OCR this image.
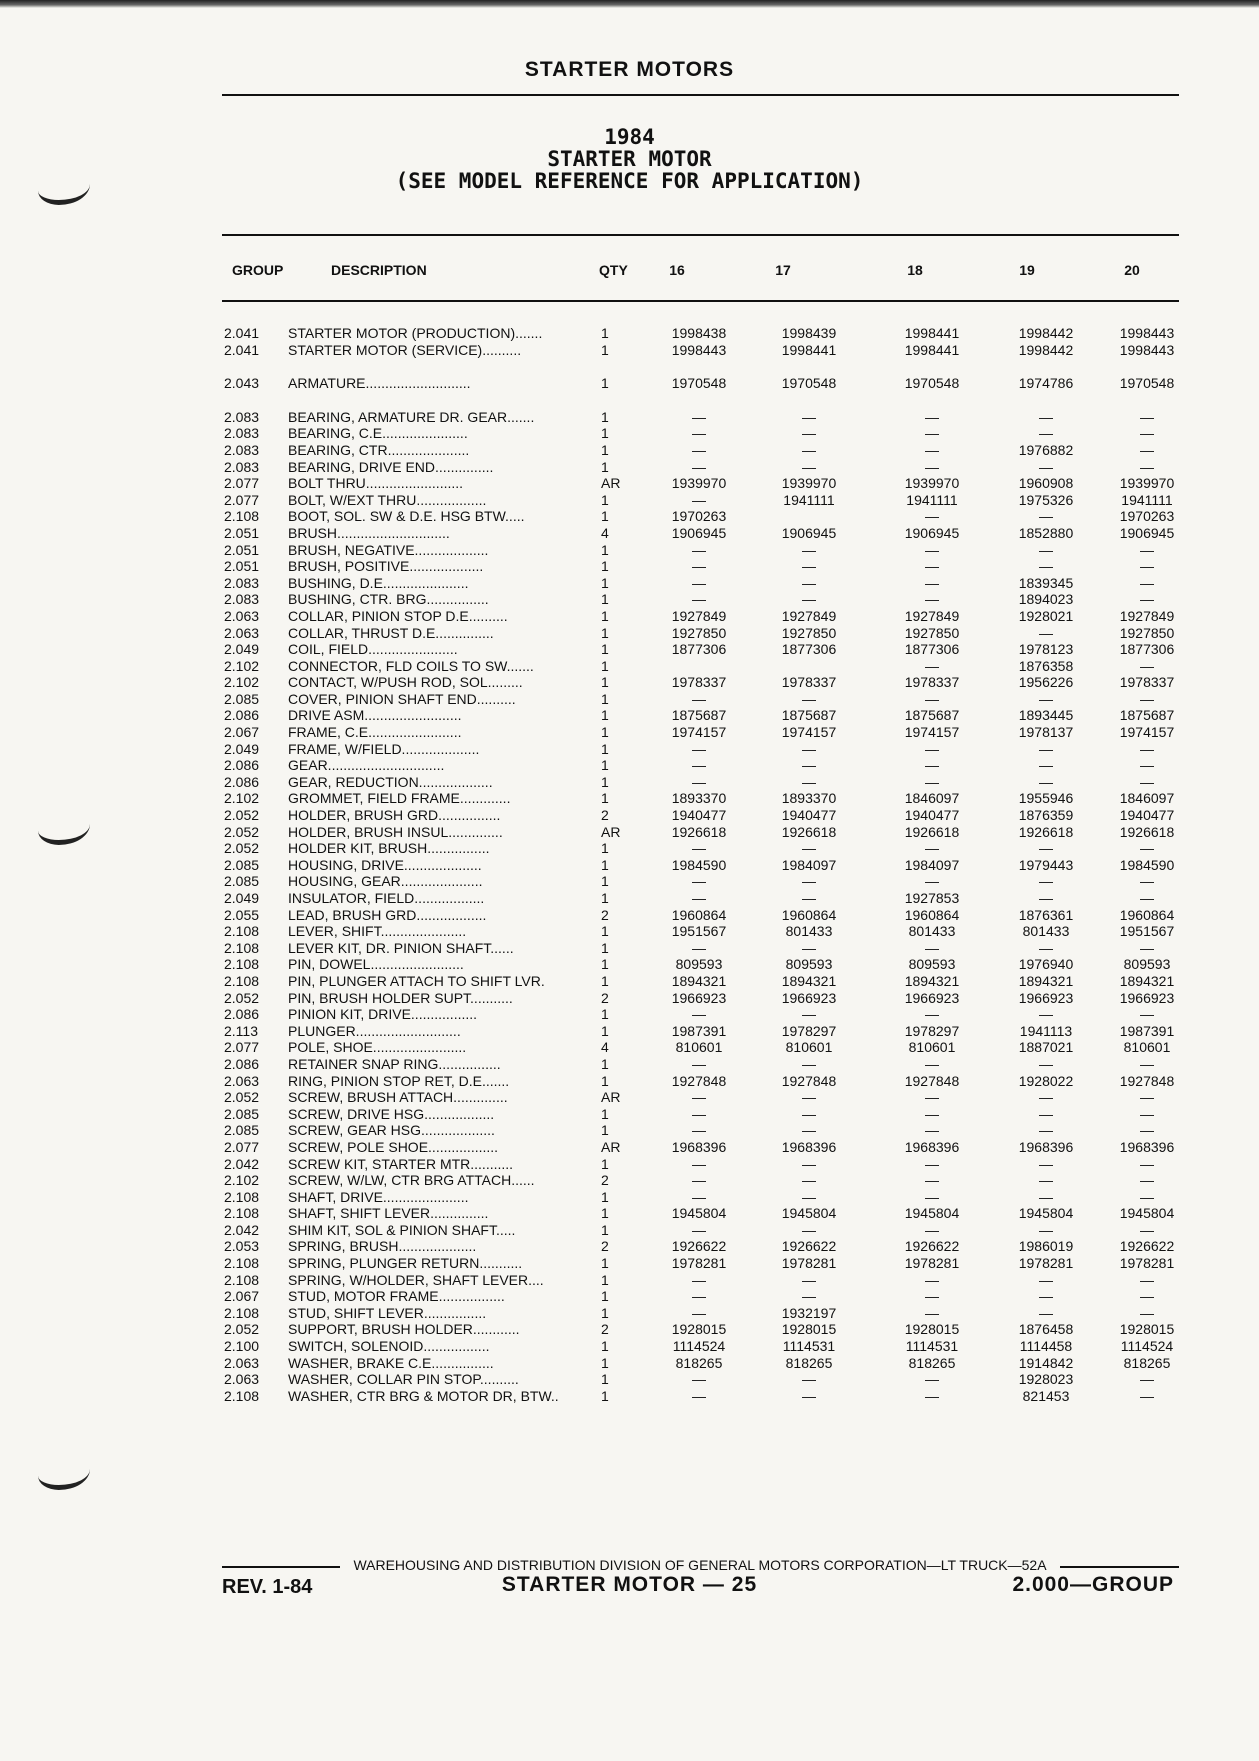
STARTER MOTORS
1984
STARTER MOTOR
(SEE MODEL REFERENCE FOR APPLICATION)
GROUP	DESCRIPTION	QTY	16	17	18	19	20
2.041	STARTER MOTOR (PRODUCTION).......	1	1998438	1998439	1998441	1998442	1998443
2.041	STARTER MOTOR (SERVICE)..........	1	1998443	1998441	1998441	1998442	1998443

2.043	ARMATURE...........................	1	1970548	1970548	1970548	1974786	1970548

2.083	BEARING, ARMATURE DR. GEAR.......	1	—	—	—	—	—
2.083	BEARING, C.E......................	1	—	—	—	—	—
2.083	BEARING, CTR.....................	1	—	—	—	1976882	—
2.083	BEARING, DRIVE END...............	1	—	—	—	—	—
2.077	BOLT THRU.........................	AR	1939970	1939970	1939970	1960908	1939970
2.077	BOLT, W/EXT THRU..................	1	—	1941111	1941111	1975326	1941111
2.108	BOOT, SOL. SW & D.E. HSG BTW.....	1	1970263		—	—	1970263
2.051	BRUSH.............................	4	1906945	1906945	1906945	1852880	1906945
2.051	BRUSH, NEGATIVE...................	1	—	—	—	—	—
2.051	BRUSH, POSITIVE...................	1	—	—	—	—	—
2.083	BUSHING, D.E......................	1	—	—	—	1839345	—
2.083	BUSHING, CTR. BRG................	1	—	—	—	1894023	—
2.063	COLLAR, PINION STOP D.E..........	1	1927849	1927849	1927849	1928021	1927849
2.063	COLLAR, THRUST D.E...............	1	1927850	1927850	1927850	—	1927850
2.049	COIL, FIELD.......................	1	1877306	1877306	1877306	1978123	1877306
2.102	CONNECTOR, FLD COILS TO SW.......	1			—	1876358	—
2.102	CONTACT, W/PUSH ROD, SOL.........	1	1978337	1978337	1978337	1956226	1978337
2.085	COVER, PINION SHAFT END..........	1	—	—	—	—	—
2.086	DRIVE ASM.........................	1	1875687	1875687	1875687	1893445	1875687
2.067	FRAME, C.E........................	1	1974157	1974157	1974157	1978137	1974157
2.049	FRAME, W/FIELD....................	1	—	—	—	—	—
2.086	GEAR..............................	1	—	—	—	—	—
2.086	GEAR, REDUCTION...................	1	—	—	—	—	—
2.102	GROMMET, FIELD FRAME.............	1	1893370	1893370	1846097	1955946	1846097
2.052	HOLDER, BRUSH GRD................	2	1940477	1940477	1940477	1876359	1940477
2.052	HOLDER, BRUSH INSUL..............	AR	1926618	1926618	1926618	1926618	1926618
2.052	HOLDER KIT, BRUSH................	1	—	—	—	—	—
2.085	HOUSING, DRIVE....................	1	1984590	1984097	1984097	1979443	1984590
2.085	HOUSING, GEAR.....................	1	—	—	—	—	—
2.049	INSULATOR, FIELD..................	1	—	—	1927853	—	—
2.055	LEAD, BRUSH GRD..................	2	1960864	1960864	1960864	1876361	1960864
2.108	LEVER, SHIFT......................	1	1951567	801433	801433	801433	1951567
2.108	LEVER KIT, DR. PINION SHAFT......	1	—	—	—	—	—
2.108	PIN, DOWEL........................	1	809593	809593	809593	1976940	809593
2.108	PIN, PLUNGER ATTACH TO SHIFT LVR.	1	1894321	1894321	1894321	1894321	1894321
2.052	PIN, BRUSH HOLDER SUPT...........	2	1966923	1966923	1966923	1966923	1966923
2.086	PINION KIT, DRIVE.................	1	—	—	—	—	—
2.113	PLUNGER...........................	1	1987391	1978297	1978297	1941113	1987391
2.077	POLE, SHOE........................	4	810601	810601	810601	1887021	810601
2.086	RETAINER SNAP RING................	1	—	—	—	—	—
2.063	RING, PINION STOP RET, D.E.......	1	1927848	1927848	1927848	1928022	1927848
2.052	SCREW, BRUSH ATTACH..............	AR	—	—	—	—	—
2.085	SCREW, DRIVE HSG..................	1	—	—	—	—	—
2.085	SCREW, GEAR HSG...................	1	—	—	—	—	—
2.077	SCREW, POLE SHOE..................	AR	1968396	1968396	1968396	1968396	1968396
2.042	SCREW KIT, STARTER MTR...........	1	—	—	—	—	—
2.102	SCREW, W/LW, CTR BRG ATTACH......	2	—	—	—	—	—
2.108	SHAFT, DRIVE......................	1	—	—	—	—	—
2.108	SHAFT, SHIFT LEVER...............	1	1945804	1945804	1945804	1945804	1945804
2.042	SHIM KIT, SOL & PINION SHAFT.....	1	—	—	—	—	—
2.053	SPRING, BRUSH....................	2	1926622	1926622	1926622	1986019	1926622
2.108	SPRING, PLUNGER RETURN...........	1	1978281	1978281	1978281	1978281	1978281
2.108	SPRING, W/HOLDER, SHAFT LEVER....	1	—	—	—	—	—
2.067	STUD, MOTOR FRAME.................	1	—	—	—	—	—
2.108	STUD, SHIFT LEVER................	1	—	1932197	—	—	—
2.052	SUPPORT, BRUSH HOLDER............	2	1928015	1928015	1928015	1876458	1928015
2.100	SWITCH, SOLENOID.................	1	1114524	1114531	1114531	1114458	1114524
2.063	WASHER, BRAKE C.E................	1	818265	818265	818265	1914842	818265
2.063	WASHER, COLLAR PIN STOP..........	1	—	—	—	1928023	—
2.108	WASHER, CTR BRG & MOTOR DR, BTW..	1	—	—	—	821453	—
WAREHOUSING AND DISTRIBUTION DIVISION OF GENERAL MOTORS CORPORATION—LT TRUCK—52A
REV. 1-84	STARTER MOTOR — 25	2.000—GROUP
